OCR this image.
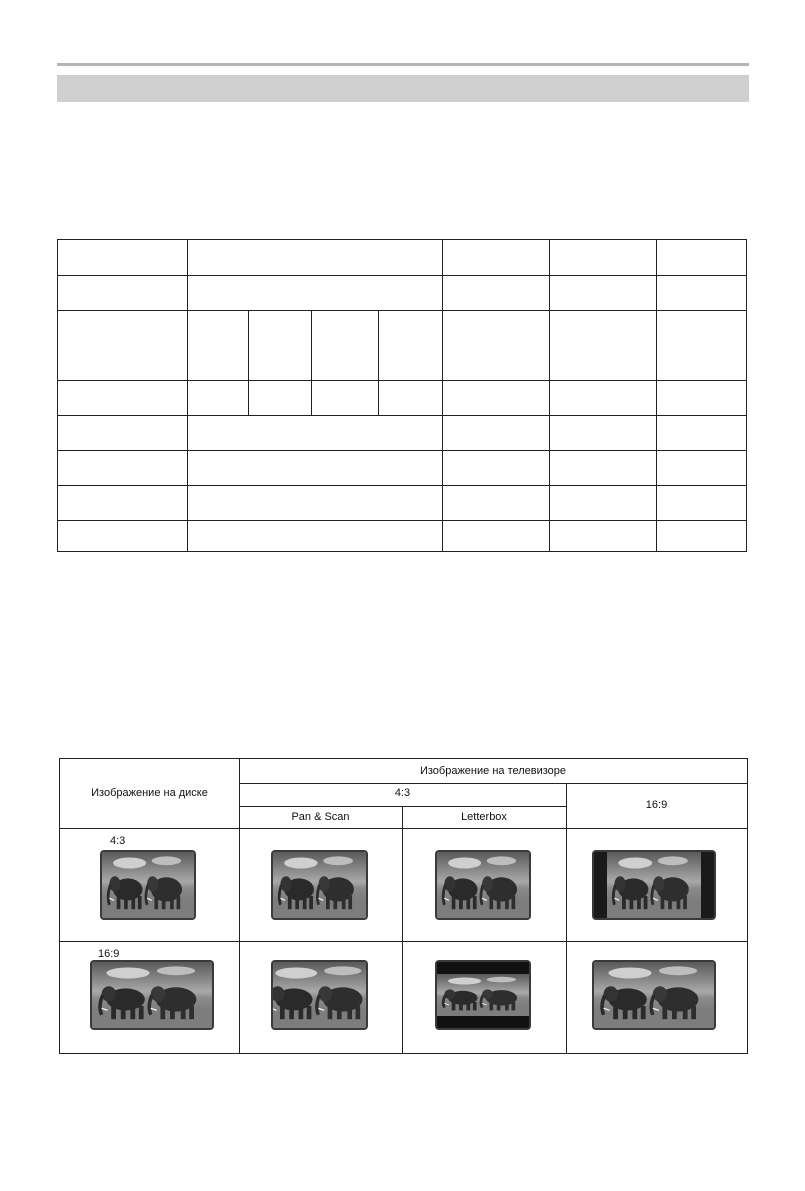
Изображение на диске
Изображение на телевизоре
4:3
16:9
Pan & Scan	Letterbox
4:3
16:9
